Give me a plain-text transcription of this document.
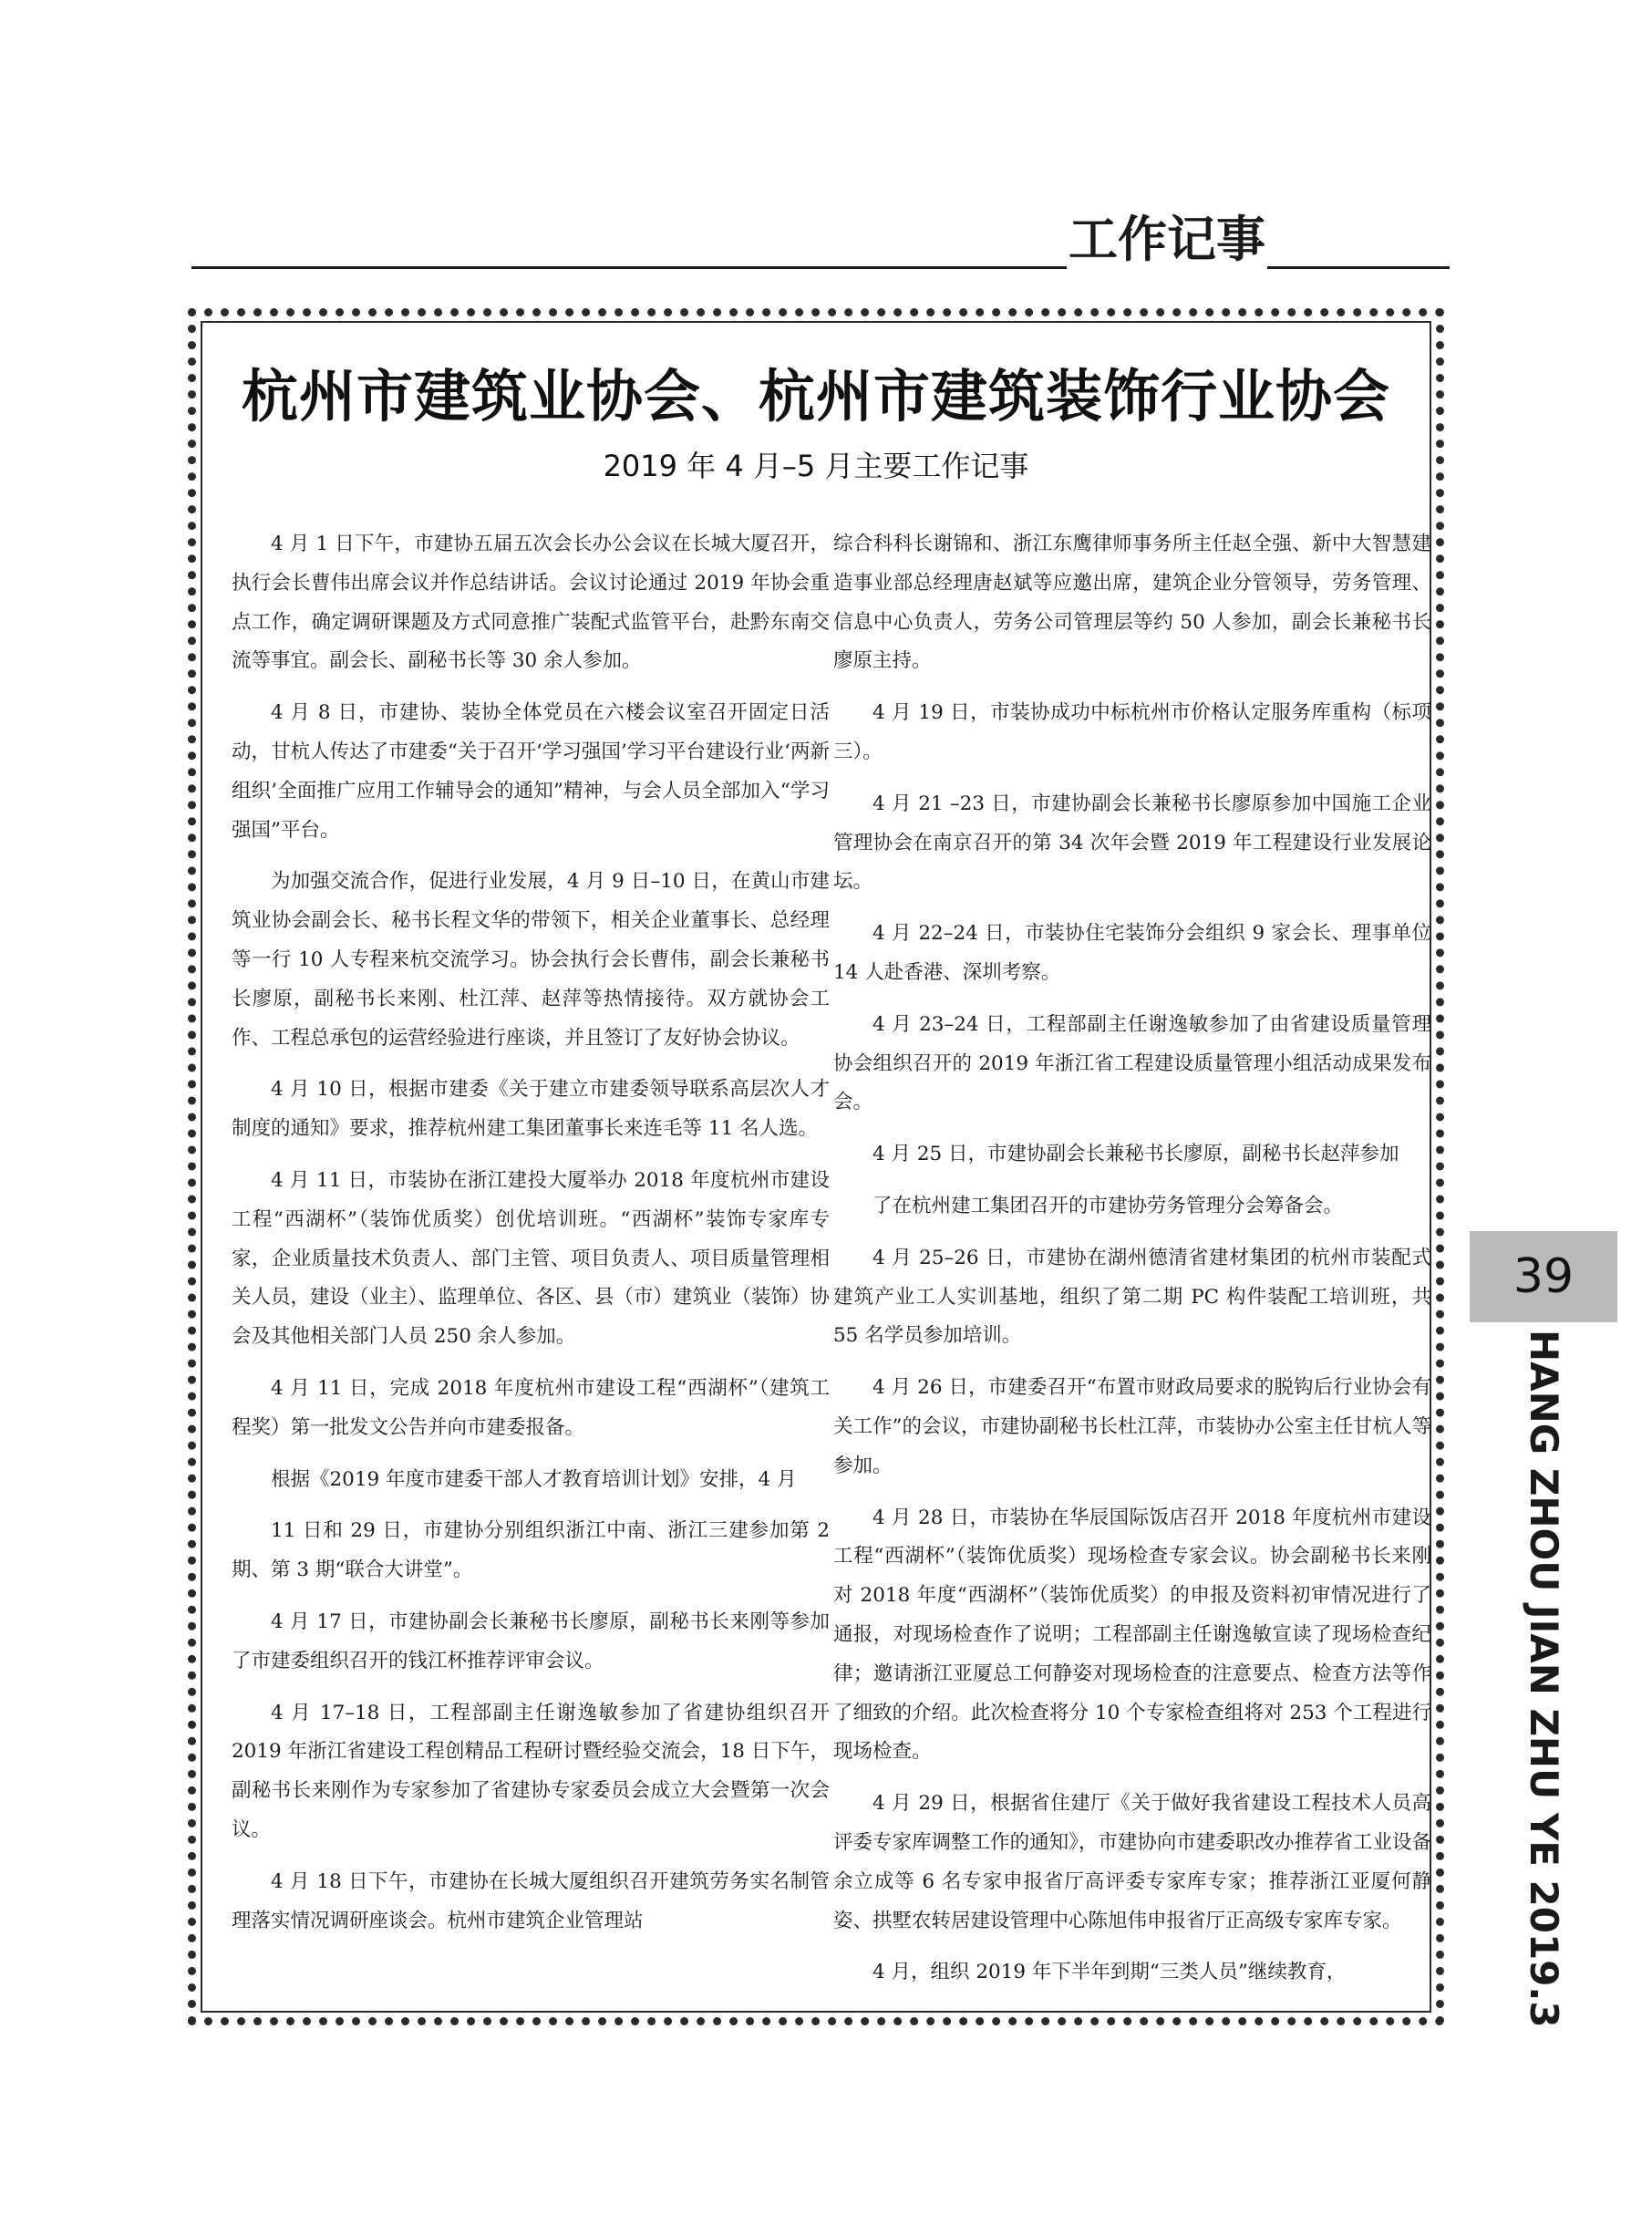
工作记事
杭州市建筑业协会、杭州市建筑装饰行业协会
2019 年 4 月–5 月主要工作记事

4 月 1 日下午，市建协五届五次会长办公会议在长城大厦召开，执行会长曹伟出席会议并作总结讲话。会议讨论通过 2019 年协会重点工作，确定调研课题及方式同意推广装配式监管平台，赴黔东南交流等事宜。副会长、副秘书长等 30 余人参加。

4 月 8 日，市建协、装协全体党员在六楼会议室召开固定日活动，甘杭人传达了市建委“关于召开‘学习强国’学习平台建设行业‘两新组织’全面推广应用工作辅导会的通知”精神，与会人员全部加入“学习强国”平台。

为加强交流合作，促进行业发展，4 月 9 日–10 日，在黄山市建筑业协会副会长、秘书长程文华的带领下，相关企业董事长、总经理等一行 10 人专程来杭交流学习。协会执行会长曹伟，副会长兼秘书长廖原，副秘书长来刚、杜江萍、赵萍等热情接待。双方就协会工作、工程总承包的运营经验进行座谈，并且签订了友好协会协议。

4 月 10 日，根据市建委《关于建立市建委领导联系高层次人才制度的通知》要求，推荐杭州建工集团董事长来连毛等 11 名人选。

4 月 11 日，市装协在浙江建投大厦举办 2018 年度杭州市建设工程“西湖杯”（装饰优质奖）创优培训班。“西湖杯”装饰专家库专家，企业质量技术负责人、部门主管、项目负责人、项目质量管理相关人员，建设（业主）、监理单位、各区、县（市）建筑业（装饰）协会及其他相关部门人员 250 余人参加。

4 月 11 日，完成 2018 年度杭州市建设工程“西湖杯”（建筑工程奖）第一批发文公告并向市建委报备。

根据《2019 年度市建委干部人才教育培训计划》安排，4 月

11 日和 29 日，市建协分别组织浙江中南、浙江三建参加第 2 期、第 3 期“联合大讲堂”。

4 月 17 日，市建协副会长兼秘书长廖原，副秘书长来刚等参加了市建委组织召开的钱江杯推荐评审会议。

4 月 17–18 日，工程部副主任谢逸敏参加了省建协组织召开 2019 年浙江省建设工程创精品工程研讨暨经验交流会，18 日下午，副秘书长来刚作为专家参加了省建协专家委员会成立大会暨第一次会议。

4 月 18 日下午，市建协在长城大厦组织召开建筑劳务实名制管理落实情况调研座谈会。杭州市建筑企业管理站

综合科科长谢锦和、浙江东鹰律师事务所主任赵全强、新中大智慧建造事业部总经理唐赵斌等应邀出席，建筑企业分管领导，劳务管理、信息中心负责人，劳务公司管理层等约 50 人参加，副会长兼秘书长廖原主持。

4 月 19 日，市装协成功中标杭州市价格认定服务库重构（标项三）。

4 月 21 –23 日，市建协副会长兼秘书长廖原参加中国施工企业管理协会在南京召开的第 34 次年会暨 2019 年工程建设行业发展论坛。

4 月 22–24 日，市装协住宅装饰分会组织 9 家会长、理事单位 14 人赴香港、深圳考察。

4 月 23–24 日，工程部副主任谢逸敏参加了由省建设质量管理协会组织召开的 2019 年浙江省工程建设质量管理小组活动成果发布会。

4 月 25 日，市建协副会长兼秘书长廖原，副秘书长赵萍参加

了在杭州建工集团召开的市建协劳务管理分会筹备会。

4 月 25–26 日，市建协在湖州德清省建材集团的杭州市装配式建筑产业工人实训基地，组织了第二期 PC 构件装配工培训班，共 55 名学员参加培训。

4 月 26 日，市建委召开“布置市财政局要求的脱钩后行业协会有关工作”的会议，市建协副秘书长杜江萍，市装协办公室主任甘杭人等参加。

4 月 28 日，市装协在华辰国际饭店召开 2018 年度杭州市建设工程“西湖杯”（装饰优质奖）现场检查专家会议。协会副秘书长来刚对 2018 年度“西湖杯”（装饰优质奖）的申报及资料初审情况进行了通报，对现场检查作了说明；工程部副主任谢逸敏宣读了现场检查纪律；邀请浙江亚厦总工何静姿对现场检查的注意要点、检查方法等作了细致的介绍。此次检查将分 10 个专家检查组将对 253 个工程进行现场检查。

4 月 29 日，根据省住建厅《关于做好我省建设工程技术人员高评委专家库调整工作的通知》，市建协向市建委职改办推荐省工业设备余立成等 6 名专家申报省厅高评委专家库专家；推荐浙江亚厦何静姿、拱墅农转居建设管理中心陈旭伟申报省厅正高级专家库专家。

4 月，组织 2019 年下半年到期“三类人员”继续教育，

39
HANG ZHOU JIAN ZHU YE 2019.3
